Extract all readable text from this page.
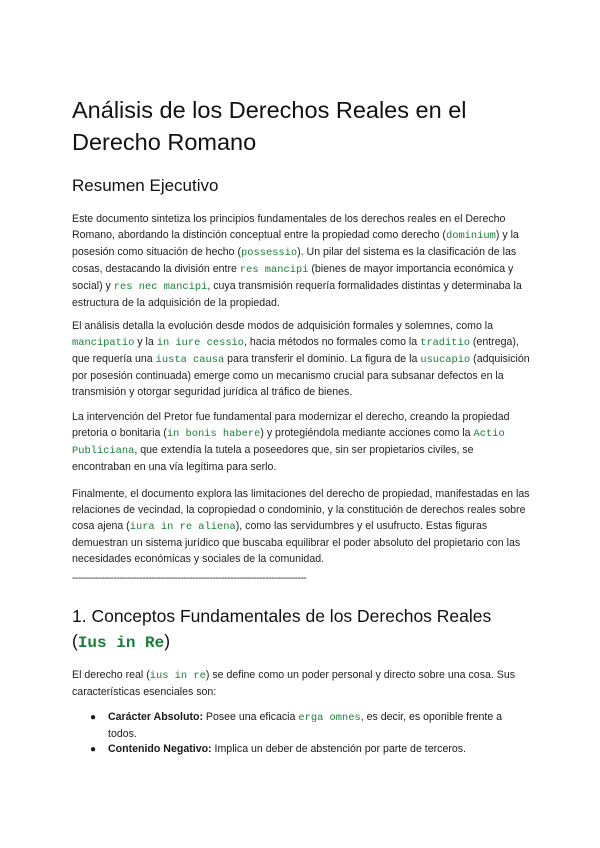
Análisis de los Derechos Reales en el Derecho Romano
Resumen Ejecutivo

Este documento sintetiza los principios fundamentales de los derechos reales en el Derecho Romano, abordando la distinción conceptual entre la propiedad como derecho (dominium) y la posesión como situación de hecho (possessio). Un pilar del sistema es la clasificación de las cosas, destacando la división entre res mancipi (bienes de mayor importancia económica y social) y res nec mancipi, cuya transmisión requería formalidades distintas y determinaba la estructura de la adquisición de la propiedad.

El análisis detalla la evolución desde modos de adquisición formales y solemnes, como la mancipatio y la in iure cessio, hacia métodos no formales como la traditio (entrega), que requería una iusta causa para transferir el dominio. La figura de la usucapio (adquisición por posesión continuada) emerge como un mecanismo crucial para subsanar defectos en la transmisión y otorgar seguridad jurídica al tráfico de bienes.

La intervención del Pretor fue fundamental para modernizar el derecho, creando la propiedad pretoria o bonitaria (in bonis habere) y protegiéndola mediante acciones como la Actio Publiciana, que extendía la tutela a poseedores que, sin ser propietarios civiles, se encontraban en una vía legítima para serlo.

Finalmente, el documento explora las limitaciones del derecho de propiedad, manifestadas en las relaciones de vecindad, la copropiedad o condominio, y la constitución de derechos reales sobre cosa ajena (iura in re aliena), como las servidumbres y el usufructo. Estas figuras demuestran un sistema jurídico que buscaba equilibrar el poder absoluto del propietario con las necesidades económicas y sociales de la comunidad.

--------------------------------------------------------------------------------
1. Conceptos Fundamentales de los Derechos Reales (Ius in Re)

El derecho real (ius in re) se define como un poder personal y directo sobre una cosa. Sus características esenciales son:

● Carácter Absoluto: Posee una eficacia erga omnes, es decir, es oponible frente a todos.
● Contenido Negativo: Implica un deber de abstención por parte de terceros.
